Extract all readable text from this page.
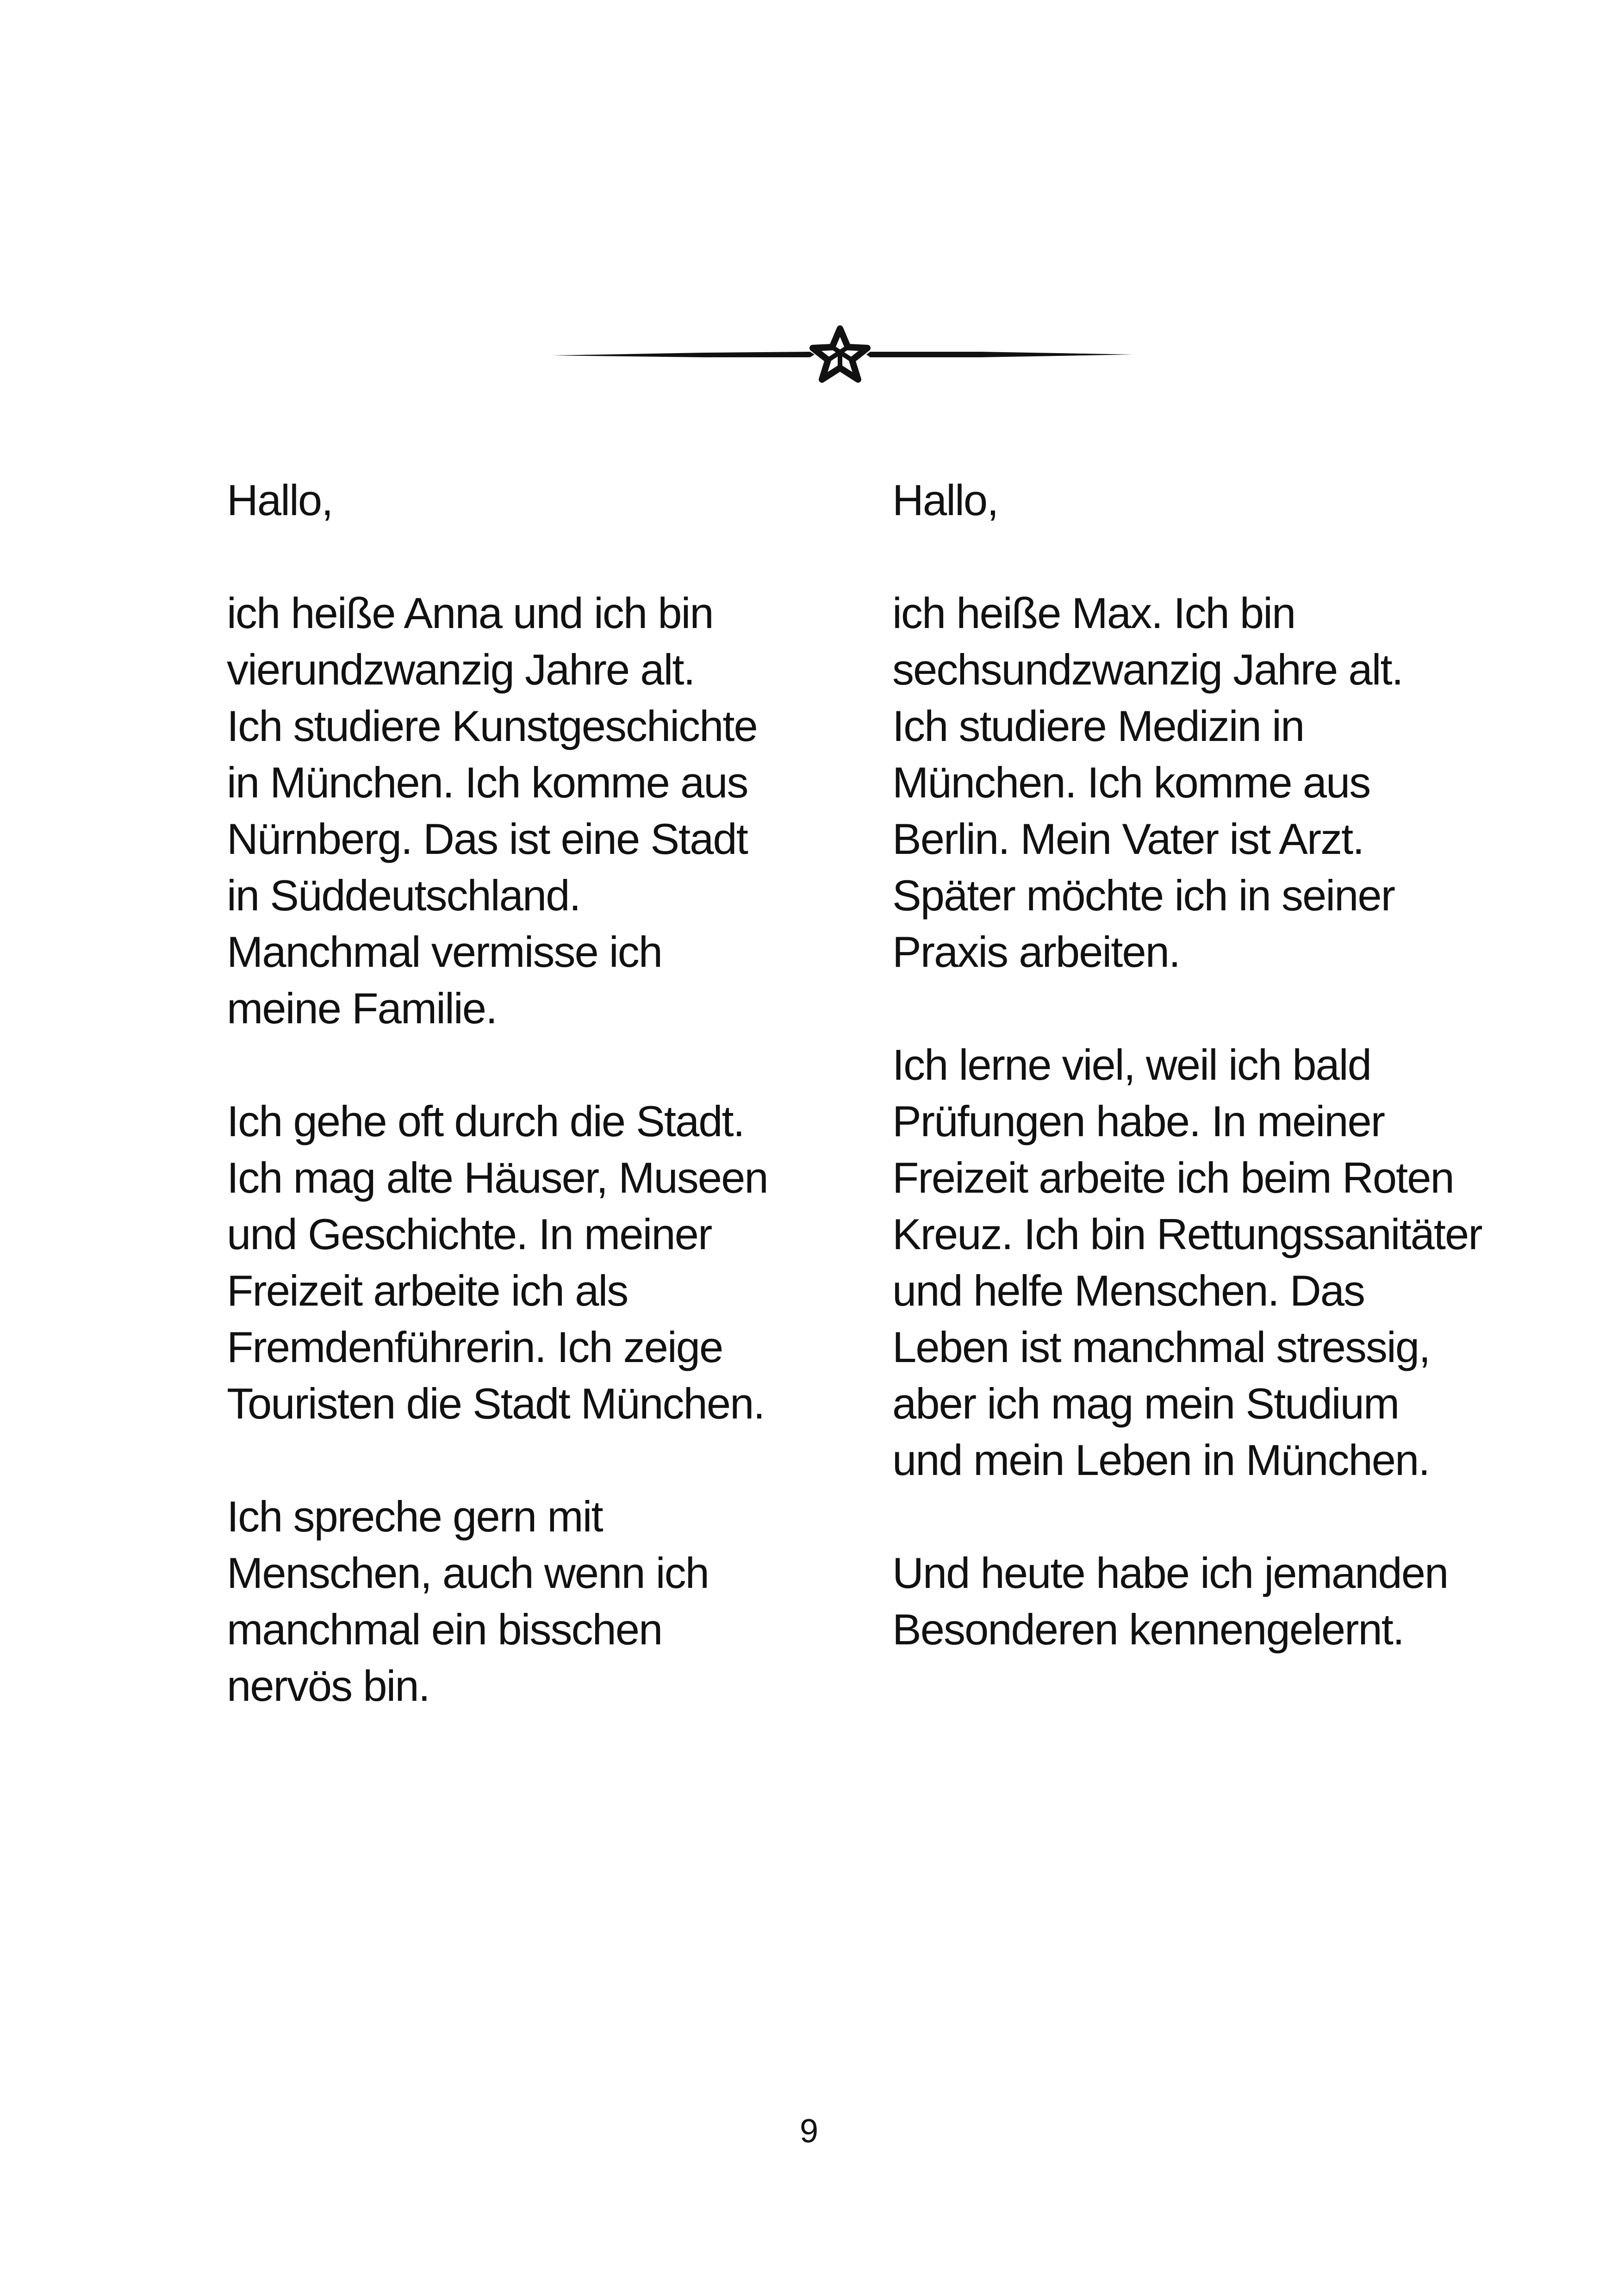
Hallo,

ich heiße Anna und ich bin
vierundzwanzig Jahre alt.
Ich studiere Kunstgeschichte
in München. Ich komme aus
Nürnberg. Das ist eine Stadt
in Süddeutschland.
Manchmal vermisse ich
meine Familie.

Ich gehe oft durch die Stadt.
Ich mag alte Häuser, Museen
und Geschichte. In meiner
Freizeit arbeite ich als
Fremdenführerin. Ich zeige
Touristen die Stadt München.

Ich spreche gern mit
Menschen, auch wenn ich
manchmal ein bisschen
nervös bin.

Hallo,

ich heiße Max. Ich bin
sechsundzwanzig Jahre alt.
Ich studiere Medizin in
München. Ich komme aus
Berlin. Mein Vater ist Arzt.
Später möchte ich in seiner
Praxis arbeiten.

Ich lerne viel, weil ich bald
Prüfungen habe. In meiner
Freizeit arbeite ich beim Roten
Kreuz. Ich bin Rettungssanitäter
und helfe Menschen. Das
Leben ist manchmal stressig,
aber ich mag mein Studium
und mein Leben in München.

Und heute habe ich jemanden
Besonderen kennengelernt.

9
